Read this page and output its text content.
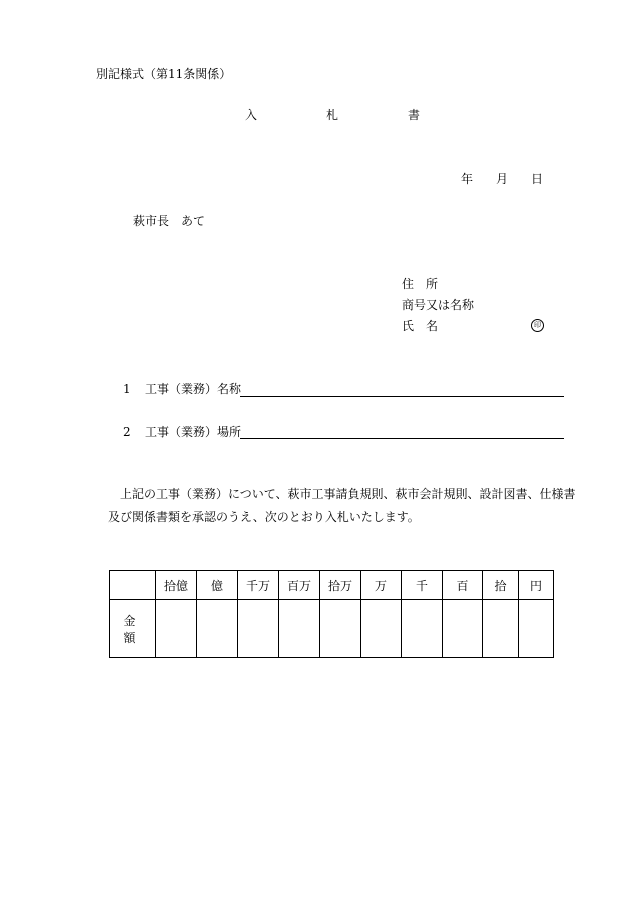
別記様式（第11条関係）
入	札	書
年 月 日
萩市長 あて
住所
商号又は名称
氏名	印
1 工事（業務）名称
2 工事（業務）場所
上記の工事（業務）について、萩市工事請負規則、萩市会計規則、設計図書、仕様書
及び関係書類を承認のうえ、次のとおり入札いたします。
	拾億	億	千万	百万	拾万	万	千	百	拾	円
金額										
